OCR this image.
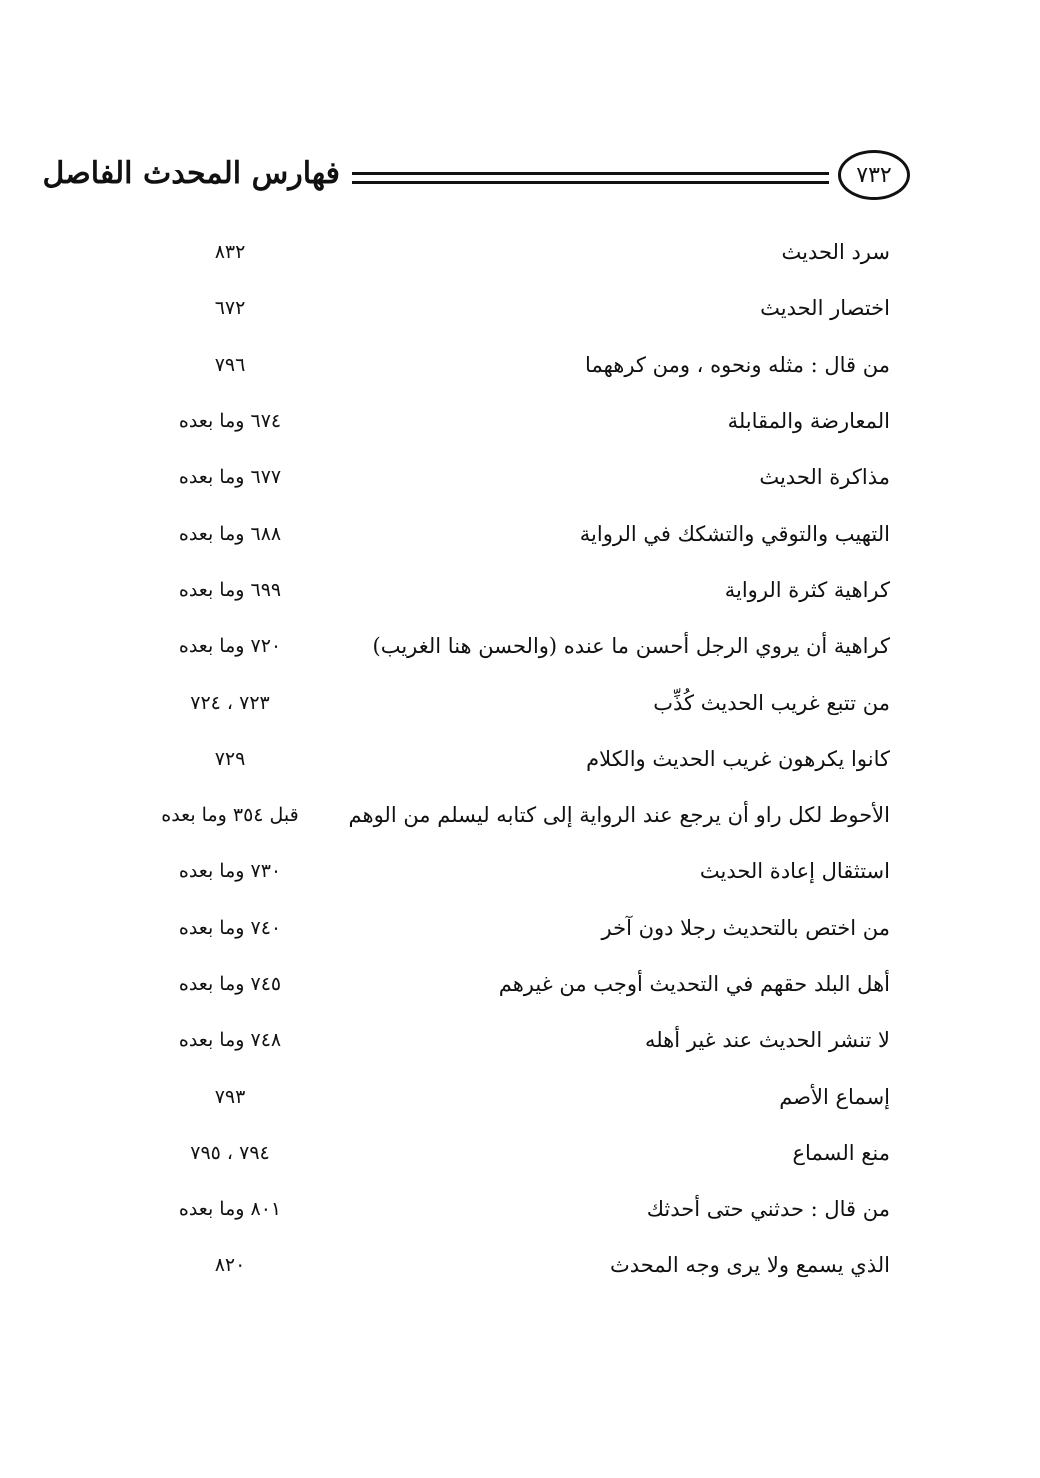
فهارس المحدث الفاصل	٧٣٢
سرد الحديث
٨٣٢
اختصار الحديث
٦٧٢
من قال : مثله ونحوه ، ومن كرههما
٧٩٦
المعارضة والمقابلة
٦٧٤ وما بعده
مذاكرة الحديث
٦٧٧ وما بعده
التهيب والتوقي والتشكك في الرواية
٦٨٨ وما بعده
كراهية كثرة الرواية
٦٩٩ وما بعده
كراهية أن يروي الرجل أحسن ما عنده (والحسن هنا الغريب)
٧٢٠ وما بعده
من تتبع غريب الحديث كُذِّب
٧٢٣ ، ٧٢٤
كانوا يكرهون غريب الحديث والكلام
٧٢٩
الأحوط لكل راو أن يرجع عند الرواية إلى كتابه ليسلم من الوهم
قبل ٣٥٤ وما بعده
استثقال إعادة الحديث
٧٣٠ وما بعده
من اختص بالتحديث رجلا دون آخر
٧٤٠ وما بعده
أهل البلد حقهم في التحديث أوجب من غيرهم
٧٤٥ وما بعده
لا تنشر الحديث عند غير أهله
٧٤٨ وما بعده
إسماع الأصم
٧٩٣
منع السماع
٧٩٤ ، ٧٩٥
من قال : حدثني حتى أحدثك
٨٠١ وما بعده
الذي يسمع ولا يرى وجه المحدث
٨٢٠
